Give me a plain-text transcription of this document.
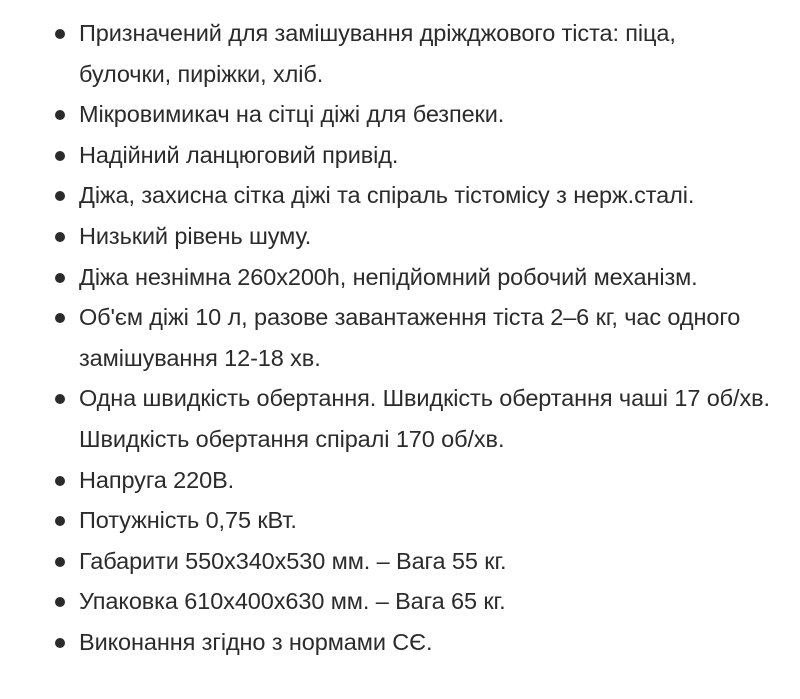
Призначений для замішування дріжджового тіста: піца, булочки, пиріжки, хліб.
Мікровимикач на сітці діжі для безпеки.
Надійний ланцюговий привід.
Діжа, захисна сітка діжі та спіраль тістомісу з нерж.сталі.
Низький рівень шуму.
Діжа незнімна 260х200h, непідйомний робочий механізм.
Об'єм діжі 10 л, разове завантаження тіста 2–6 кг, час одного замішування 12-18 хв.
Одна швидкість обертання. Швидкість обертання чаші 17 об/хв. Швидкість обертання спіралі 170 об/хв.
Напруга 220В.
Потужність 0,75 кВт.
Габарити 550х340х530 мм. – Вага 55 кг.
Упаковка 610х400х630 мм. – Вага 65 кг.
Виконання згідно з нормами СЄ.
